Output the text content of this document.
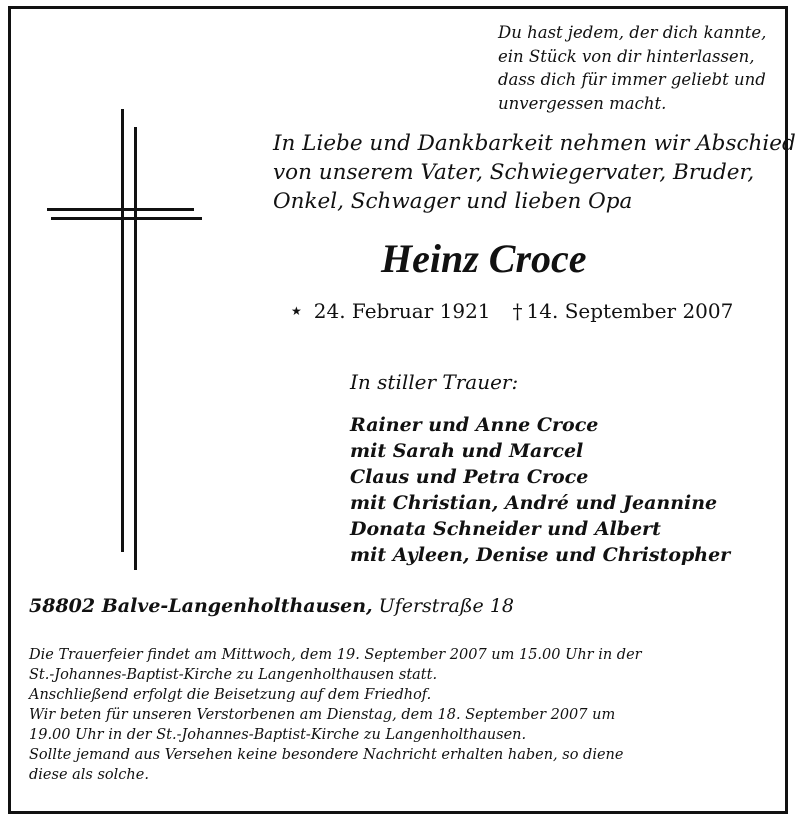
Du hast jedem, der dich kannte,
ein Stück von dir hinterlassen,
dass dich für immer geliebt und
unvergessen macht.
In Liebe und Dankbarkeit nehmen wir Abschied
von unserem Vater, Schwiegervater, Bruder,
Onkel, Schwager und lieben Opa
Heinz Croce
★ 24. Februar 1921 † 14. September 2007
In stiller Trauer:
Rainer und Anne Croce
mit Sarah und Marcel
Claus und Petra Croce
mit Christian, André und Jeannine
Donata Schneider und Albert
mit Ayleen, Denise und Christopher
58802 Balve-Langenholthausen, Uferstraße 18
Die Trauerfeier findet am Mittwoch, dem 19. September 2007 um 15.00 Uhr in der
St.-Johannes-Baptist-Kirche zu Langenholthausen statt.
Anschließend erfolgt die Beisetzung auf dem Friedhof.
Wir beten für unseren Verstorbenen am Dienstag, dem 18. September 2007 um
19.00 Uhr in der St.-Johannes-Baptist-Kirche zu Langenholthausen.
Sollte jemand aus Versehen keine besondere Nachricht erhalten haben, so diene
diese als solche.
